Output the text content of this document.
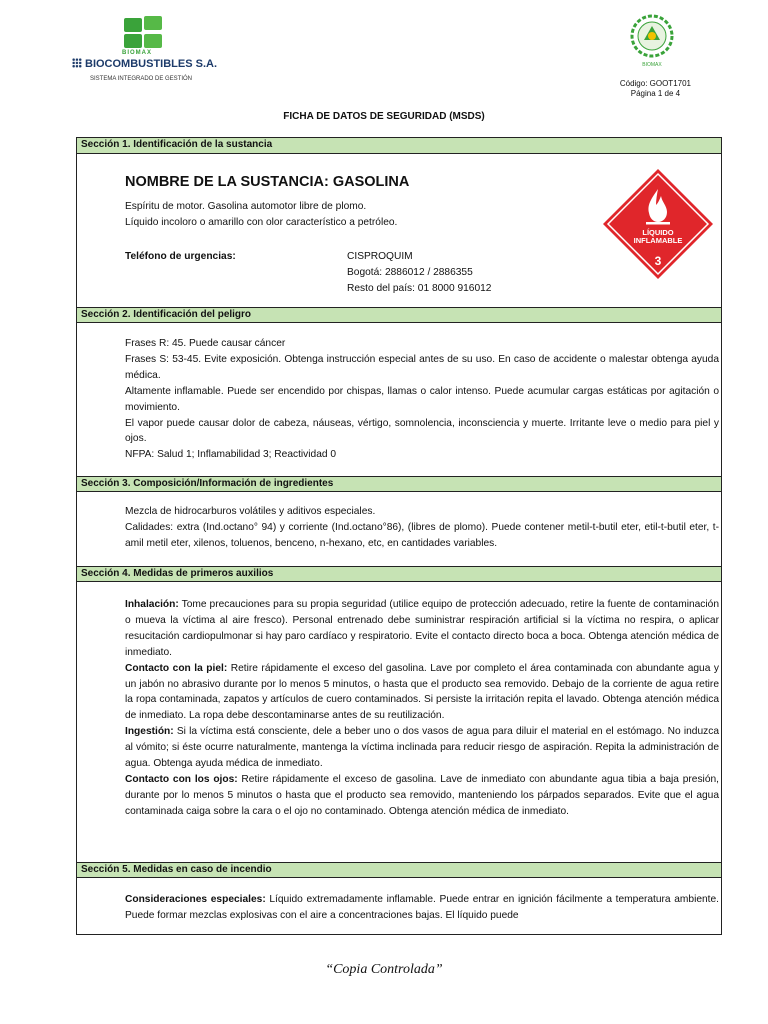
BIOMAX
BIOCOMBUSTIBLES S.A.
SISTEMA INTEGRADO DE GESTIÓN
BIOMAX
Código: GOOT1701
Página 1 de 4
FICHA DE DATOS DE SEGURIDAD (MSDS)
Sección 1. Identificación de la sustancia
NOMBRE DE LA SUSTANCIA: GASOLINA

Espíritu de motor. Gasolina automotor libre de plomo.

Líquido incoloro o amarillo con olor característico a petróleo.

Teléfono de urgencias:	CISPROQUIM

Bogotá: 2886012 / 2886355

Resto del país: 01 8000 916012

LÍQUIDO
INFLAMABLE
3
Sección 2. Identificación del peligro

Frases R: 45. Puede causar cáncer

Frases S: 53-45. Evite exposición. Obtenga instrucción especial antes de su uso. En caso de accidente o malestar obtenga ayuda médica.

Altamente inflamable. Puede ser encendido por chispas, llamas o calor intenso. Puede acumular cargas estáticas por agitación o movimiento.

El vapor puede causar dolor de cabeza, náuseas, vértigo, somnolencia, inconsciencia y muerte. Irritante leve o medio para piel y ojos.

NFPA: Salud 1; Inflamabilidad 3; Reactividad 0

Sección 3. Composición/Información de ingredientes

Mezcla de hidrocarburos volátiles y aditivos especiales.

Calidades: extra (Ind.octano° 94) y corriente (Ind.octano°86), (libres de plomo). Puede contener metil-t-butil eter, etil-t-butil eter, t-amil metil eter, xilenos, toluenos, benceno, n-hexano, etc, en cantidades variables.

Sección 4. Medidas de primeros auxilios

Inhalación: Tome precauciones para su propia seguridad (utilice equipo de protección adecuado, retire la fuente de contaminación o mueva la víctima al aire fresco). Personal entrenado debe suministrar respiración artificial si la víctima no respira, o aplicar resucitación cardiopulmonar si hay paro cardíaco y respiratorio. Evite el contacto directo boca a boca. Obtenga atención médica de inmediato.

Contacto con la piel: Retire rápidamente el exceso del gasolina. Lave por completo el área contaminada con abundante agua y un jabón no abrasivo durante por lo menos 5 minutos, o hasta que el producto sea removido. Debajo de la corriente de agua retire la ropa contaminada, zapatos y artículos de cuero contaminados. Si persiste la irritación repita el lavado. Obtenga atención médica de inmediato. La ropa debe descontaminarse antes de su reutilización.

Ingestión: Si la víctima está consciente, dele a beber uno o dos vasos de agua para diluir el material en el estómago. No induzca al vómito; si éste ocurre naturalmente, mantenga la víctima inclinada para reducir riesgo de aspiración. Repita la administración de agua. Obtenga ayuda médica de inmediato.

Contacto con los ojos: Retire rápidamente el exceso de gasolina. Lave de inmediato con abundante agua tibia a baja presión, durante por lo menos 5 minutos o hasta que el producto sea removido, manteniendo los párpados separados. Evite que el agua contaminada caiga sobre la cara o el ojo no contaminado. Obtenga atención médica de inmediato.

Sección 5. Medidas en caso de incendio

Consideraciones especiales: Líquido extremadamente inflamable. Puede entrar en ignición fácilmente a temperatura ambiente. Puede formar mezclas explosivas con el aire a concentraciones bajas. El líquido puede

“Copia Controlada”
